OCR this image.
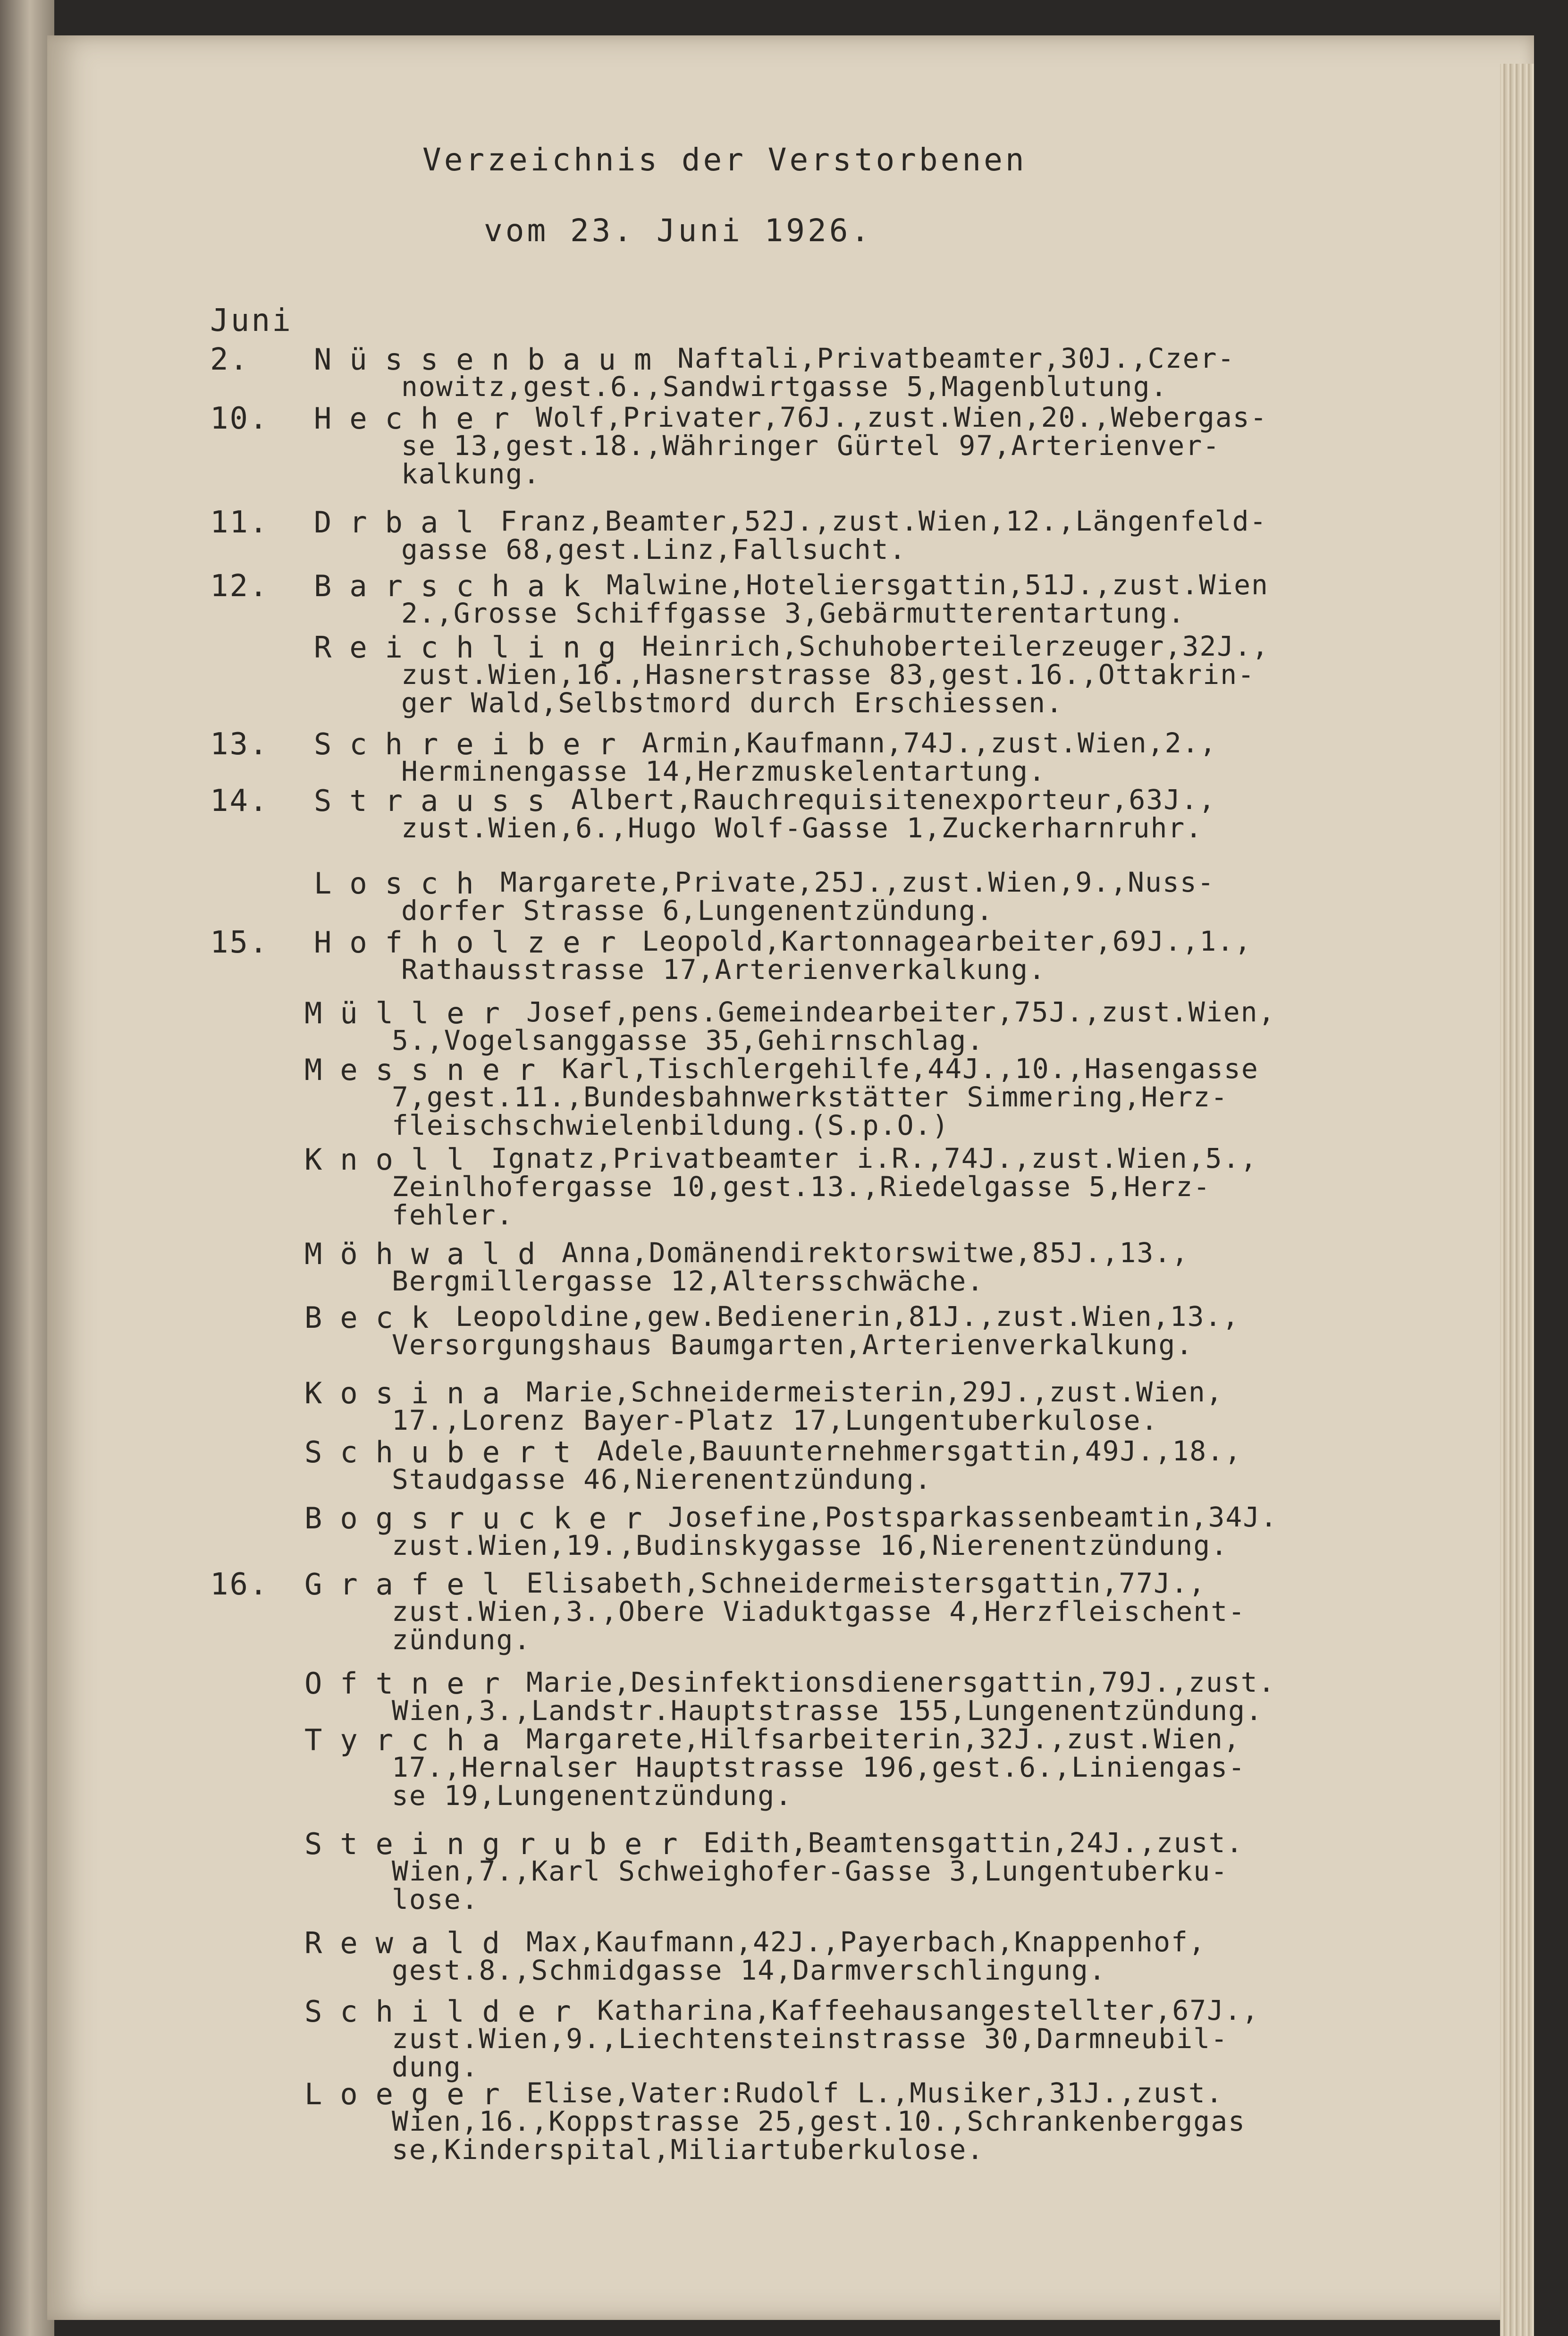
Verzeichnis der Verstorbenen
vom 23. Juni 1926.
Juni
2. Nüssenbaum Naftali,Privatbeamter,30J.,Czer-
nowitz,gest.6.,Sandwirtgasse 5,Magenblutung.
10. Hecher Wolf,Privater,76J.,zust.Wien,20.,Webergas-
se 13,gest.18.,Währinger Gürtel 97,Arterienver-
kalkung.
11. Drbal Franz,Beamter,52J.,zust.Wien,12.,Längenfeld-
gasse 68,gest.Linz,Fallsucht.
12. Barschak Malwine,Hoteliersgattin,51J.,zust.Wien
2.,Grosse Schiffgasse 3,Gebärmutterentartung.
Reichling Heinrich,Schuhoberteilerzeuger,32J.,
zust.Wien,16.,Hasnerstrasse 83,gest.16.,Ottakrin-
ger Wald,Selbstmord durch Erschiessen.
13. Schreiber Armin,Kaufmann,74J.,zust.Wien,2.,
Herminengasse 14,Herzmuskelentartung.
14. Strauss Albert,Rauchrequisitenexporteur,63J.,
zust.Wien,6.,Hugo Wolf-Gasse 1,Zuckerharnruhr.
Losch Margarete,Private,25J.,zust.Wien,9.,Nuss-
dorfer Strasse 6,Lungenentzündung.
15. Hofholzer Leopold,Kartonnagearbeiter,69J.,1.,
Rathausstrasse 17,Arterienverkalkung.
Müller Josef,pens.Gemeindearbeiter,75J.,zust.Wien,
5.,Vogelsanggasse 35,Gehirnschlag.
Messner Karl,Tischlergehilfe,44J.,10.,Hasengasse
7,gest.11.,Bundesbahnwerkstätter Simmering,Herz-
fleischschwielenbildung.(S.p.O.)
Knoll Ignatz,Privatbeamter i.R.,74J.,zust.Wien,5.,
Zeinlhofergasse 10,gest.13.,Riedelgasse 5,Herz-
fehler.
Möhwald Anna,Domänendirektorswitwe,85J.,13.,
Bergmillergasse 12,Altersschwäche.
Beck Leopoldine,gew.Bedienerin,81J.,zust.Wien,13.,
Versorgungshaus Baumgarten,Arterienverkalkung.
Kosina Marie,Schneidermeisterin,29J.,zust.Wien,
17.,Lorenz Bayer-Platz 17,Lungentuberkulose.
Schubert Adele,Bauunternehmersgattin,49J.,18.,
Staudgasse 46,Nierenentzündung.
Bogsrucker Josefine,Postsparkassenbeamtin,34J.
zust.Wien,19.,Budinskygasse 16,Nierenentzündung.
16. Grafel Elisabeth,Schneidermeistersgattin,77J.,
zust.Wien,3.,Obere Viaduktgasse 4,Herzfleischent-
zündung.
Oftner Marie,Desinfektionsdienersgattin,79J.,zust.
Wien,3.,Landstr.Hauptstrasse 155,Lungenentzündung.
Tyrcha Margarete,Hilfsarbeiterin,32J.,zust.Wien,
17.,Hernalser Hauptstrasse 196,gest.6.,Liniengas-
se 19,Lungenentzündung.
Steingruber Edith,Beamtensgattin,24J.,zust.
Wien,7.,Karl Schweighofer-Gasse 3,Lungentuberku-
lose.
Rewald Max,Kaufmann,42J.,Payerbach,Knappenhof,
gest.8.,Schmidgasse 14,Darmverschlingung.
Schilder Katharina,Kaffeehausangestellter,67J.,
zust.Wien,9.,Liechtensteinstrasse 30,Darmneubil-
dung.
Loeger Elise,Vater:Rudolf L.,Musiker,31J.,zust.
Wien,16.,Koppstrasse 25,gest.10.,Schrankenberggas
se,Kinderspital,Miliartuberkulose.
